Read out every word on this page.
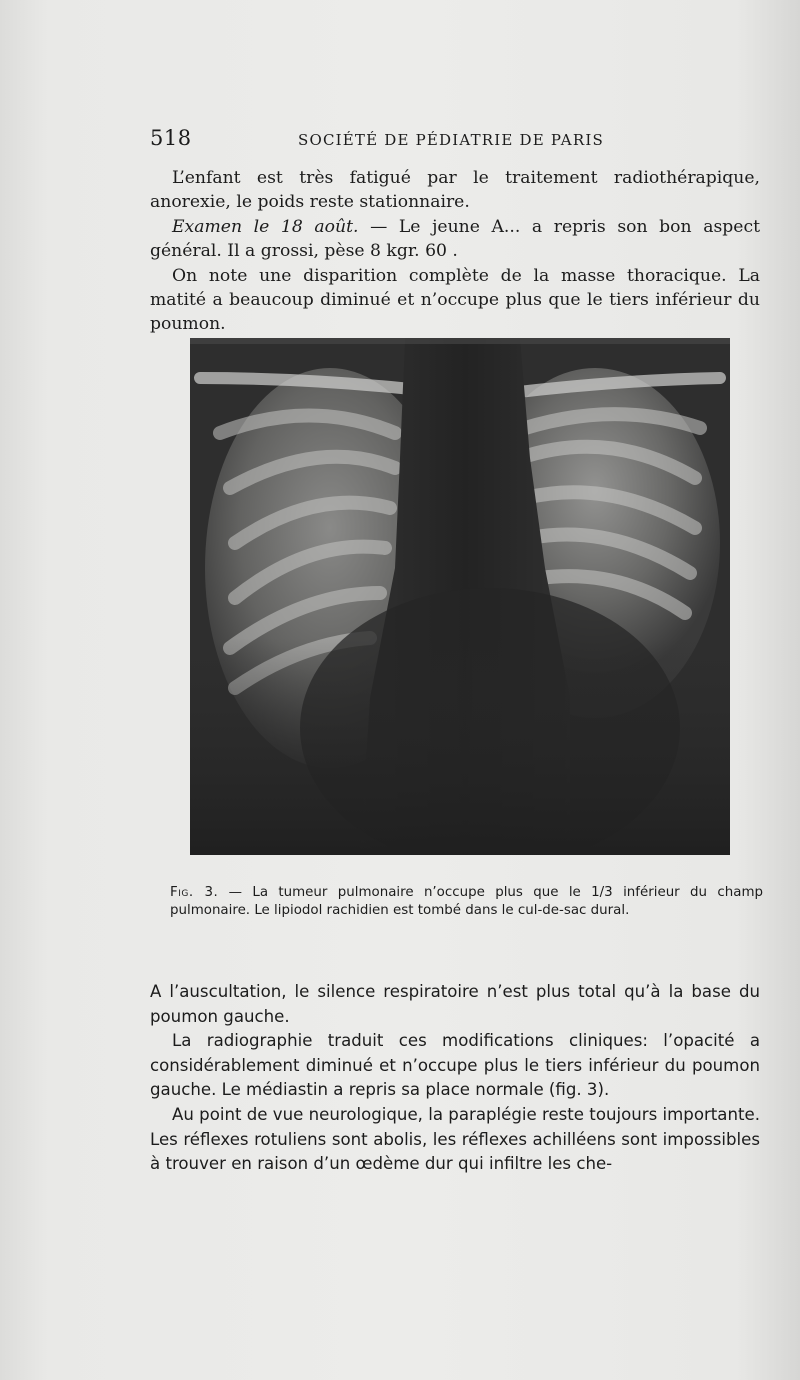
518	SOCIÉTÉ DE PÉDIATRIE DE PARIS

L’enfant est très fatigué par le traitement radiothérapique, anorexie, le poids reste stationnaire.

Examen le 18 août. — Le jeune A... a repris son bon aspect général. Il a grossi, pèse 8 kgr. 60 .

On note une disparition complète de la masse thoracique. La matité a beaucoup diminué et n’occupe plus que le tiers inférieur du poumon.

Fig. 3. — La tumeur pulmonaire n’occupe plus que le 1/3 inférieur du champ pulmonaire. Le lipiodol rachidien est tombé dans le cul-de-sac dural.

A l’auscultation, le silence respiratoire n’est plus total qu’à la base du poumon gauche.

La radiographie traduit ces modifications cliniques: l’opacité a considérablement diminué et n’occupe plus le tiers inférieur du poumon gauche. Le médiastin a repris sa place normale (fig. 3).

Au point de vue neurologique, la paraplégie reste toujours importante. Les réflexes rotuliens sont abolis, les réflexes achilléens sont impossibles à trouver en raison d’un œdème dur qui infiltre les che-
